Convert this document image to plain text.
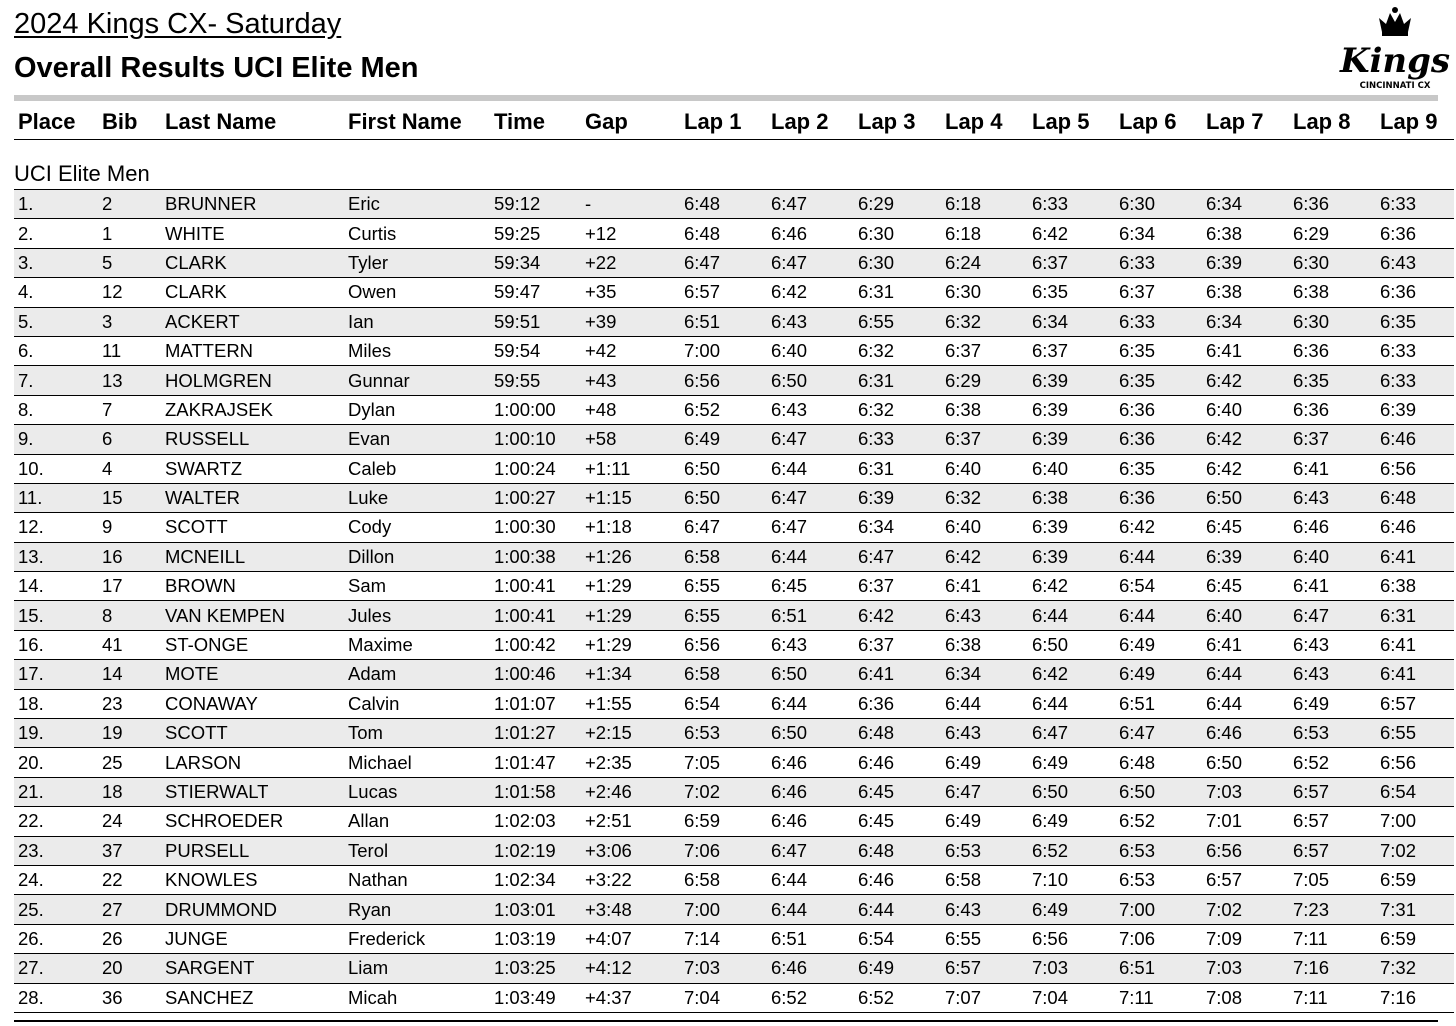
2024 Kings CX- Saturday
Overall Results UCI Elite Men	Kings
CINCINNATI CX
Place	Bib	Last Name	First Name	Time	Gap	Lap 1	Lap 2	Lap 3	Lap 4	Lap 5	Lap 6	Lap 7	Lap 8	Lap 9
UCI Elite Men														
1.	2	BRUNNER	Eric	59:12	-	6:48	6:47	6:29	6:18	6:33	6:30	6:34	6:36	6:33
2.	1	WHITE	Curtis	59:25	+12	6:48	6:46	6:30	6:18	6:42	6:34	6:38	6:29	6:36
3.	5	CLARK	Tyler	59:34	+22	6:47	6:47	6:30	6:24	6:37	6:33	6:39	6:30	6:43
4.	12	CLARK	Owen	59:47	+35	6:57	6:42	6:31	6:30	6:35	6:37	6:38	6:38	6:36
5.	3	ACKERT	Ian	59:51	+39	6:51	6:43	6:55	6:32	6:34	6:33	6:34	6:30	6:35
6.	11	MATTERN	Miles	59:54	+42	7:00	6:40	6:32	6:37	6:37	6:35	6:41	6:36	6:33
7.	13	HOLMGREN	Gunnar	59:55	+43	6:56	6:50	6:31	6:29	6:39	6:35	6:42	6:35	6:33
8.	7	ZAKRAJSEK	Dylan	1:00:00	+48	6:52	6:43	6:32	6:38	6:39	6:36	6:40	6:36	6:39
9.	6	RUSSELL	Evan	1:00:10	+58	6:49	6:47	6:33	6:37	6:39	6:36	6:42	6:37	6:46
10.	4	SWARTZ	Caleb	1:00:24	+1:11	6:50	6:44	6:31	6:40	6:40	6:35	6:42	6:41	6:56
11.	15	WALTER	Luke	1:00:27	+1:15	6:50	6:47	6:39	6:32	6:38	6:36	6:50	6:43	6:48
12.	9	SCOTT	Cody	1:00:30	+1:18	6:47	6:47	6:34	6:40	6:39	6:42	6:45	6:46	6:46
13.	16	MCNEILL	Dillon	1:00:38	+1:26	6:58	6:44	6:47	6:42	6:39	6:44	6:39	6:40	6:41
14.	17	BROWN	Sam	1:00:41	+1:29	6:55	6:45	6:37	6:41	6:42	6:54	6:45	6:41	6:38
15.	8	VAN KEMPEN	Jules	1:00:41	+1:29	6:55	6:51	6:42	6:43	6:44	6:44	6:40	6:47	6:31
16.	41	ST-ONGE	Maxime	1:00:42	+1:29	6:56	6:43	6:37	6:38	6:50	6:49	6:41	6:43	6:41
17.	14	MOTE	Adam	1:00:46	+1:34	6:58	6:50	6:41	6:34	6:42	6:49	6:44	6:43	6:41
18.	23	CONAWAY	Calvin	1:01:07	+1:55	6:54	6:44	6:36	6:44	6:44	6:51	6:44	6:49	6:57
19.	19	SCOTT	Tom	1:01:27	+2:15	6:53	6:50	6:48	6:43	6:47	6:47	6:46	6:53	6:55
20.	25	LARSON	Michael	1:01:47	+2:35	7:05	6:46	6:46	6:49	6:49	6:48	6:50	6:52	6:56
21.	18	STIERWALT	Lucas	1:01:58	+2:46	7:02	6:46	6:45	6:47	6:50	6:50	7:03	6:57	6:54
22.	24	SCHROEDER	Allan	1:02:03	+2:51	6:59	6:46	6:45	6:49	6:49	6:52	7:01	6:57	7:00
23.	37	PURSELL	Terol	1:02:19	+3:06	7:06	6:47	6:48	6:53	6:52	6:53	6:56	6:57	7:02
24.	22	KNOWLES	Nathan	1:02:34	+3:22	6:58	6:44	6:46	6:58	7:10	6:53	6:57	7:05	6:59
25.	27	DRUMMOND	Ryan	1:03:01	+3:48	7:00	6:44	6:44	6:43	6:49	7:00	7:02	7:23	7:31
26.	26	JUNGE	Frederick	1:03:19	+4:07	7:14	6:51	6:54	6:55	6:56	7:06	7:09	7:11	6:59
27.	20	SARGENT	Liam	1:03:25	+4:12	7:03	6:46	6:49	6:57	7:03	6:51	7:03	7:16	7:32
28.	36	SANCHEZ	Micah	1:03:49	+4:37	7:04	6:52	6:52	7:07	7:04	7:11	7:08	7:11	7:16
